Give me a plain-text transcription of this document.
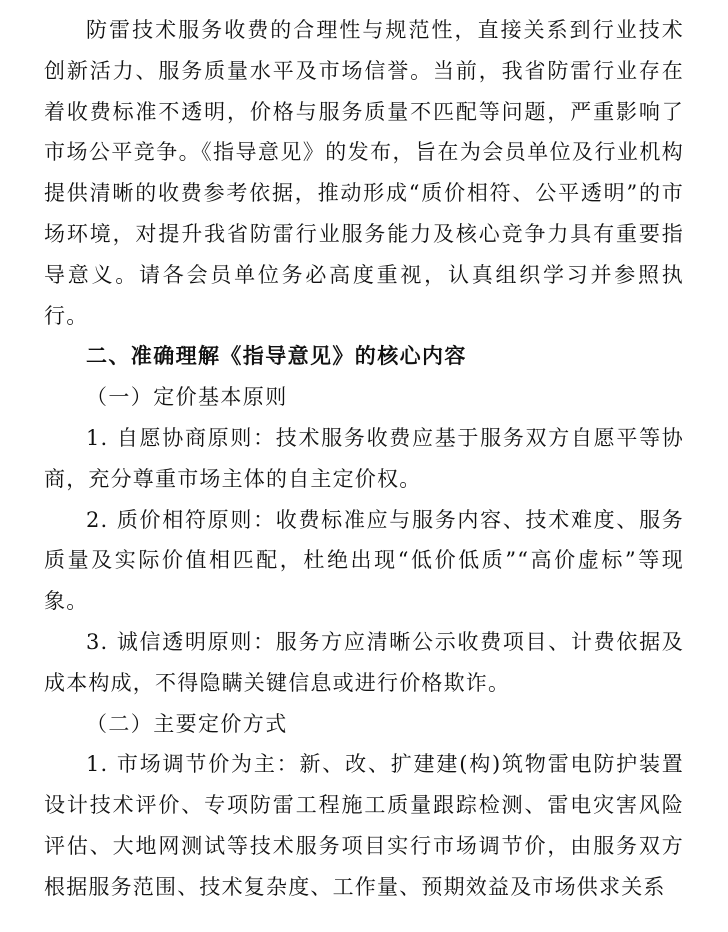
防雷技术服务收费的合理性与规范性，直接关系到行业技术创新活力、服务质量水平及市场信誉。当前，我省防雷行业存在着收费标准不透明，价格与服务质量不匹配等问题，严重影响了市场公平竞争。《指导意见》的发布，旨在为会员单位及行业机构提供清晰的收费参考依据，推动形成“质价相符、公平透明”的市场环境，对提升我省防雷行业服务能力及核心竞争力具有重要指导意义。请各会员单位务必高度重视，认真组织学习并参照执行。

二、准确理解《指导意见》的核心内容
（一）定价基本原则

1. 自愿协商原则：技术服务收费应基于服务双方自愿平等协商，充分尊重市场主体的自主定价权。

2. 质价相符原则：收费标准应与服务内容、技术难度、服务质量及实际价值相匹配，杜绝出现“低价低质”“高价虚标”等现象。

3. 诚信透明原则：服务方应清晰公示收费项目、计费依据及成本构成，不得隐瞒关键信息或进行价格欺诈。

（二）主要定价方式

1. 市场调节价为主：新、改、扩建建(构)筑物雷电防护装置设计技术评价、专项防雷工程施工质量跟踪检测、雷电灾害风险评估、大地网测试等技术服务项目实行市场调节价，由服务双方根据服务范围、技术复杂度、工作量、预期效益及市场供求关系
